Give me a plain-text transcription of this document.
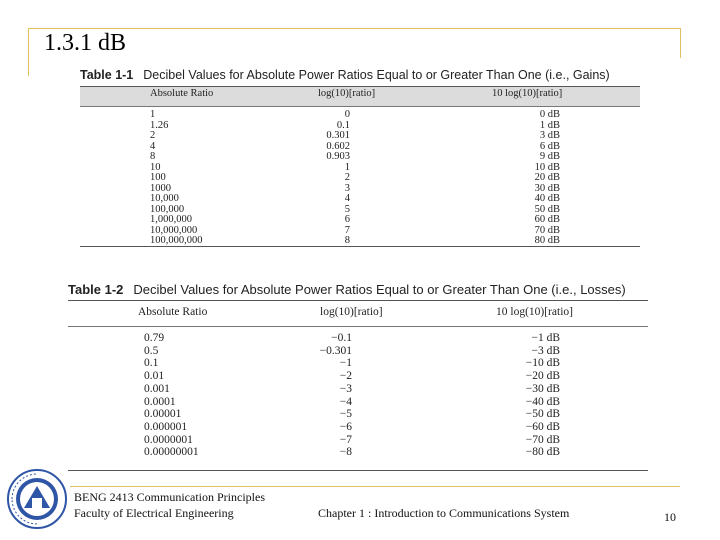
1.3.1 dB
Table 1-1 Decibel Values for Absolute Power Ratios Equal to or Greater Than One (i.e., Gains)
Absolute Ratio	log(10)[ratio]	10 log(10)[ratio]
1	0	0 dB
1.26	0.1	1 dB
2	0.301	3 dB
4	0.602	6 dB
8	0.903	9 dB
10	1	10 dB
100	2	20 dB
1000	3	30 dB
10,000	4	40 dB
100,000	5	50 dB
1,000,000	6	60 dB
10,000,000	7	70 dB
100,000,000	8	80 dB
Table 1-2 Decibel Values for Absolute Power Ratios Equal to or Greater Than One (i.e., Losses)
Absolute Ratio	log(10)[ratio]	10 log(10)[ratio]
0.79	−0.1	−1 dB
0.5	−0.301	−3 dB
0.1	−1	−10 dB
0.01	−2	−20 dB
0.001	−3	−30 dB
0.0001	−4	−40 dB
0.00001	−5	−50 dB
0.000001	−6	−60 dB
0.0000001	−7	−70 dB
0.00000001	−8	−80 dB
BENG 2413 Communication Principles
Faculty of Electrical Engineering	Chapter 1 : Introduction to Communications System	10
